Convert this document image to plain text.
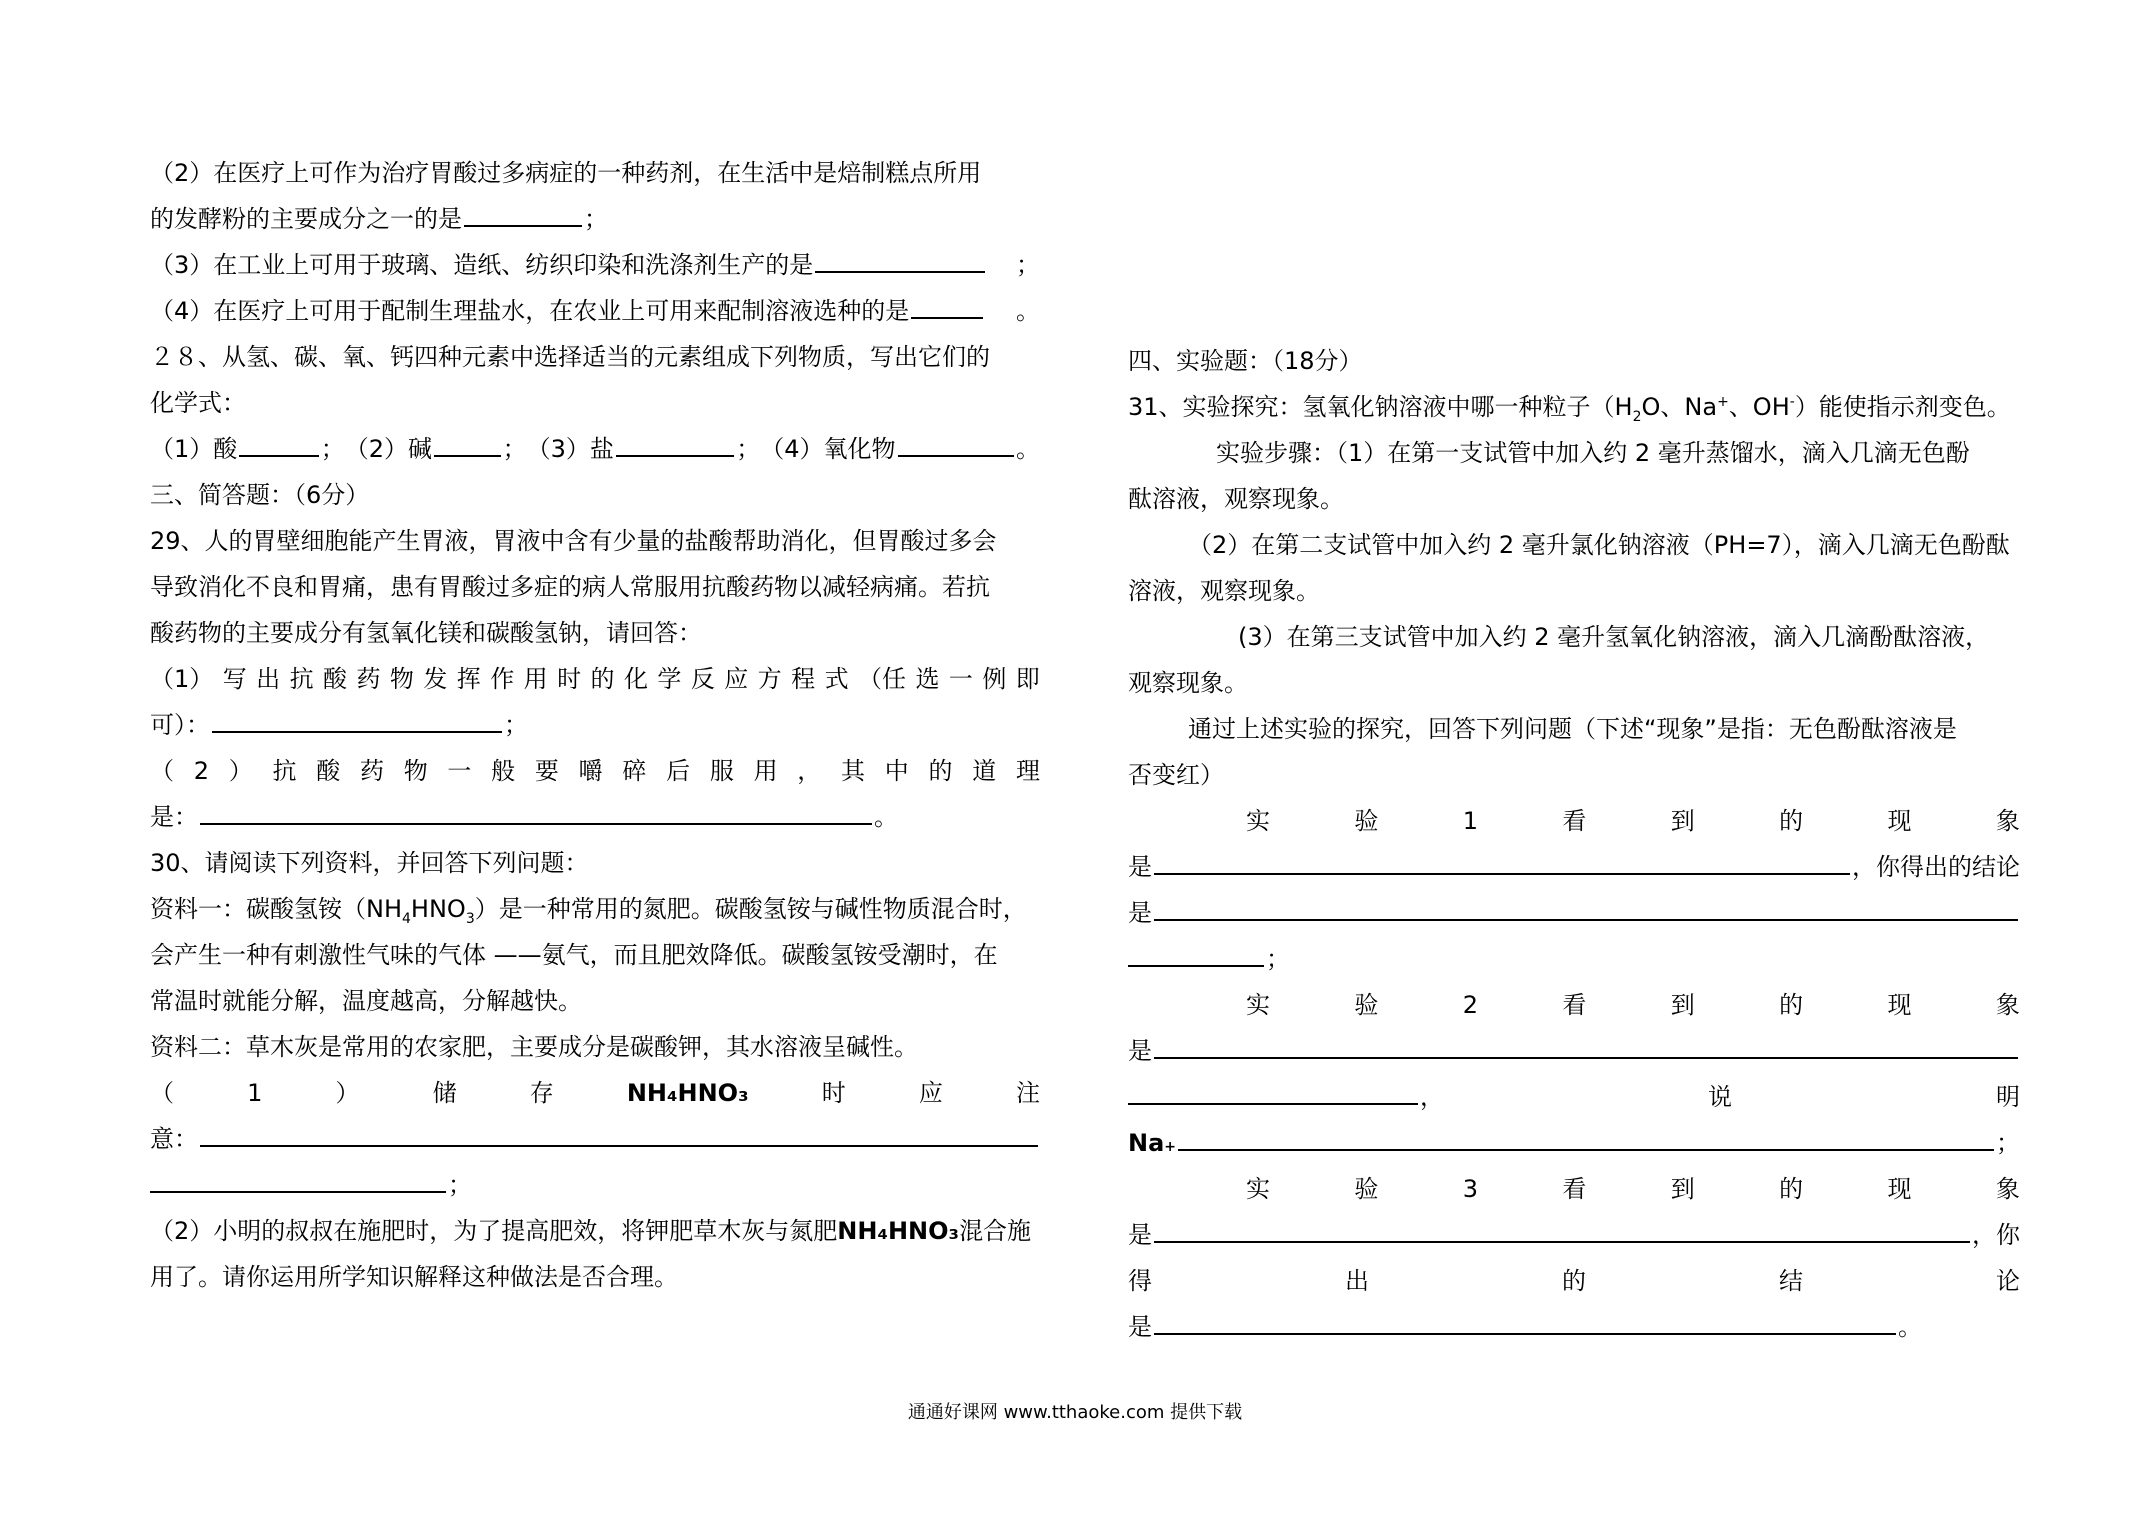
（2）在医疗上可作为治疗胃酸过多病症的一种药剂，在生活中是焙制糕点所用
的发酵粉的主要成分之一的是	；
（3）在工业上可用于玻璃、造纸、纺织印染和洗涤剂生产的是	；
（4）在医疗上可用于配制生理盐水，在农业上可用来配制溶液选种的是	。
２８、从氢、碳、氧、钙四种元素中选择适当的元素组成下列物质，写出它们的
化学式：
（1）酸	； （2）碱	； （3）盐	； （4）氧化物	。
三、简答题：（6分）
29、人的胃壁细胞能产生胃液，胃液中含有少量的盐酸帮助消化，但胃酸过多会
导致消化不良和胃痛，患有胃酸过多症的病人常服用抗酸药物以减轻病痛。若抗
酸药物的主要成分有氢氧化镁和碳酸氢钠，请回答：
（1） 写 出 抗 酸 药 物 发 挥 作 用 时 的 化 学 反 应 方 程 式 （任 选 一 例 即
可）：	；
（ 2 ） 抗 酸 药 物 一 般 要 嚼 碎 后 服 用 ， 其 中 的 道 理
是：	。
30、请阅读下列资料，并回答下列问题：
资料一：碳酸氢铵$(NH_4HNO_3)$是一种常用的氮肥。碳酸氢铵与碱性物质混合时，
会产生一种有刺激性气味的气体 ——氨气，而且肥效降低。碳酸氢铵受潮时，在
常温时就能分解，温度越高，分解越快。
资料二：草木灰是常用的农家肥，主要成分是碳酸钾，其水溶液呈碱性。
（	1	）	储	存	NH₄HNO₃	时	应	注
意：
；
（2）小明的叔叔在施肥时，为了提高肥效，将钾肥草木灰与氮肥NH₄HNO₃混合施
用了。请你运用所学知识解释这种做法是否合理。
四、实验题：（18分）
31、实验探究：氢氧化钠溶液中哪一种粒子（$H_2O$、Na+、OH-）能使指示剂变色。
实验步骤：（1）在第一支试管中加入约 2 毫升蒸馏水，滴入几滴无色酚
酞溶液，观察现象。
（2）在第二支试管中加入约 2 毫升氯化钠溶液（PH=7），滴入几滴无色酚酞
溶液，观察现象。
(3）在第三支试管中加入约 2 毫升氢氧化钠溶液，滴入几滴酚酞溶液，
观察现象。
通过上述实验的探究，回答下列问题（下述“现象”是指：无色酚酞溶液是
否变红）
实	验	1	看	到	的	现	象
是	，你得出的结论
是
；
实	验	2	看	到	的	现	象
是
，	说	明
Na +	；
实	验	3	看	到	的	现	象
是	，你
得	出	的	结	论
是	。
通通好课网 www.tthaoke.com 提供下载
